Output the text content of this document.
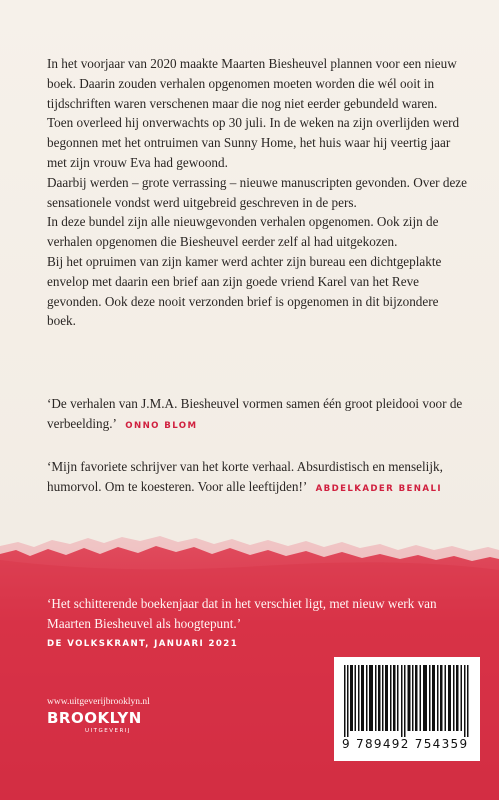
In het voorjaar van 2020 maakte Maarten Biesheuvel plannen voor een nieuw boek. Daarin zouden verhalen opgenomen moeten worden die wél ooit in tijdschriften waren verschenen maar die nog niet eerder gebundeld waren.

Toen overleed hij onverwachts op 30 juli. In de weken na zijn overlijden werd begonnen met het ontruimen van Sunny Home, het huis waar hij veertig jaar met zijn vrouw Eva had gewoond.

Daarbij werden – grote verrassing – nieuwe manuscripten gevonden. Over deze sensationele vondst werd uitgebreid geschreven in de pers.

In deze bundel zijn alle nieuwgevonden verhalen opgenomen. Ook zijn de verhalen opgenomen die Biesheuvel eerder zelf al had uitgekozen.

Bij het opruimen van zijn kamer werd achter zijn bureau een dichtgeplakte envelop met daarin een brief aan zijn goede vriend Karel van het Reve gevonden. Ook deze nooit verzonden brief is opgenomen in dit bijzondere boek.

‘De verhalen van J.M.A. Biesheuvel vormen samen één groot pleidooi voor de verbeelding.’ ONNO BLOM

‘Mijn favoriete schrijver van het korte verhaal. Absurdistisch en menselijk, humorvol. Om te koesteren. Voor alle leeftijden!’ ABDELKADER BENALI

‘Het schitterende boekenjaar dat in het verschiet ligt, met nieuw werk van Maarten Biesheuvel als hoogtepunt.’

DE VOLKSKRANT, JANUARI 2021
www.uitgeverijbrooklyn.nl
BROOKLYN
UITGEVERIJ
9 789492 754359
